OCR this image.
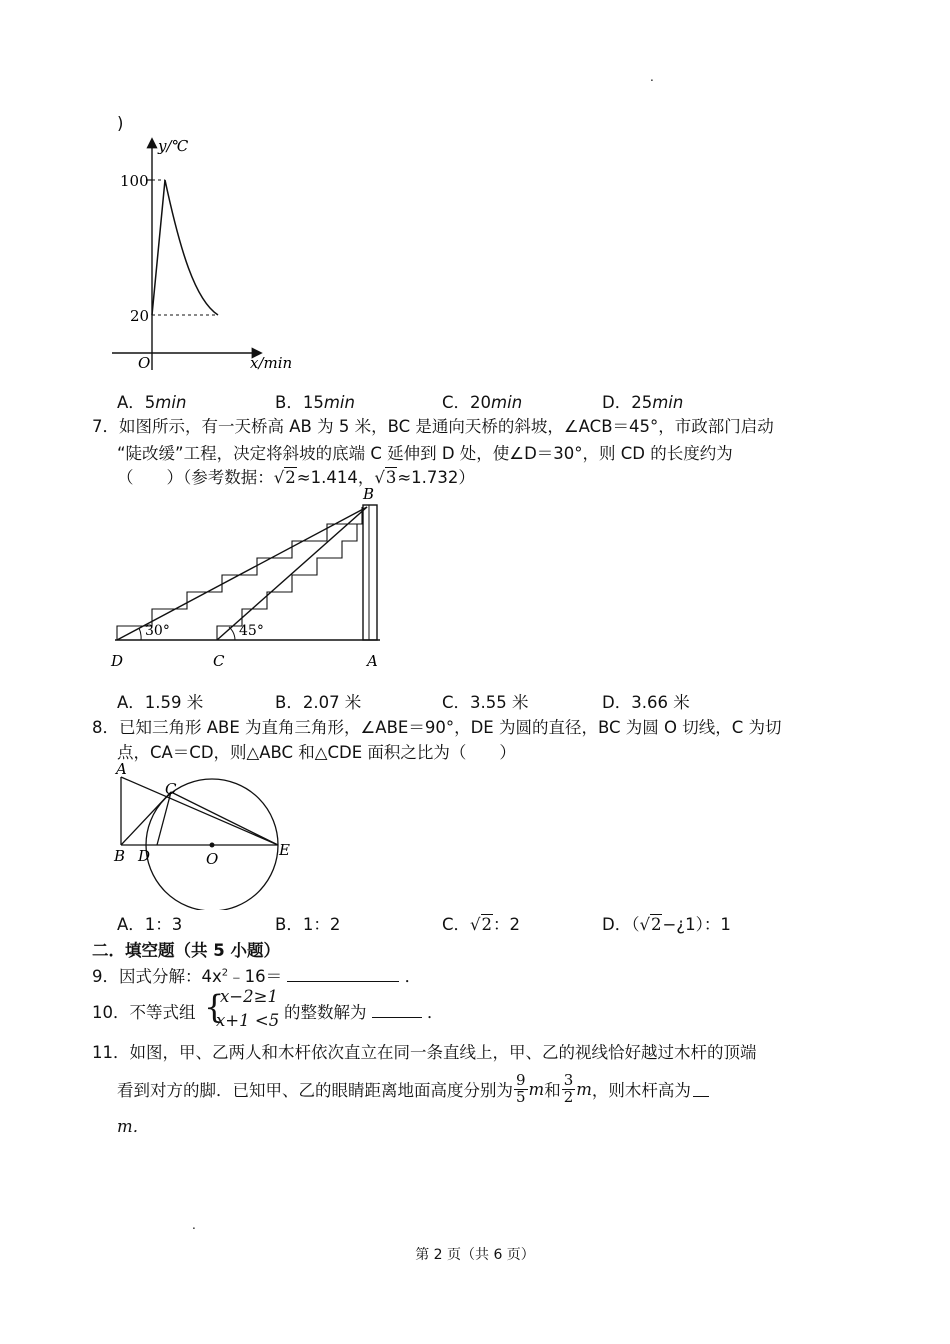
.
.
)
y/℃
x/min
O
100
20
A．5min	B．15min	C．20min	D．25min
7．如图所示，有一天桥高 AB 为 5 米，BC 是通向天桥的斜坡，∠ACB＝45°，市政部门启动
“陡改缓”工程，决定将斜坡的底端 C 延伸到 D 处，使∠D＝30°，则 CD 的长度约为
（　　）（参考数据：√2≈1.414，√3≈1.732）
30°	45°
B
D	C	A
A．1.59 米	B．2.07 米	C．3.55 米	D．3.66 米
8．已知三角形 ABE 为直角三角形，∠ABE＝90°，DE 为圆的直径，BC 为圆 O 切线，C 为切
点，CA＝CD，则△ABC 和△CDE 面积之比为（　　）
A
C
B D	O	E
A．1：3	B．1：2	C．√2：2	D．（√2−¿1）：1
二．填空题（共 5 小题）
9．因式分解：$4x^2﹣16=$	．
10．不等式组 {
x−2≥1
x+1 <5 的整数解为	．
11．如图，甲、乙两人和木杆依次直立在同一条直线上，甲、乙的视线恰好越过木杆的顶端
看到对方的脚．已知甲、乙的眼睛距离地面高度分别为 $\frac{9}{5}$ m 和 $\frac{3}{2}$ m ，则木杆高为
m．
第 2 页（共 6 页）
